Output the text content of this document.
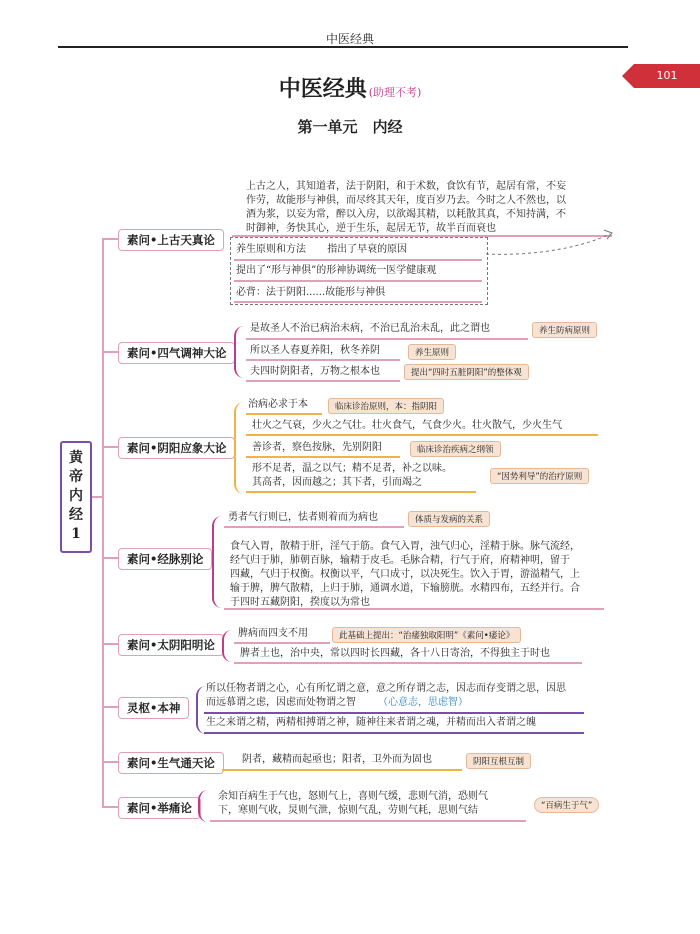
中医经典
101
中医经典 (助理不考)
第一单元　内经
黄
帝
内
经
1
素问•上古天真论
上古之人，其知道者，法于阴阳，和于术数，食饮有节，起居有常，不妄
作劳，故能形与神俱，而尽终其天年，度百岁乃去。今时之人不然也，以
酒为浆，以妄为常，醉以入房，以欲竭其精，以耗散其真，不知持满，不
时御神，务快其心，逆于生乐，起居无节，故半百而衰也
养生原则和方法 指出了早衰的原因
提出了“形与神俱”的形神协调统一医学健康观
必背：法于阴阳......故能形与神俱
素问•四气调神大论
是故圣人不治已病治未病，不治已乱治未乱，此之谓也	养生防病原则
所以圣人春夏养阳，秋冬养阴	养生原则
夫四时阴阳者，万物之根本也	提出“四时五脏阴阳”的整体观
素问•阴阳应象大论
治病必求于本	临床诊治原则，本：指阴阳
壮火之气衰，少火之气壮。壮火食气，气食少火。壮火散气，少火生气
善诊者，察色按脉，先别阴阳	临床诊治疾病之纲领
形不足者，温之以气；精不足者，补之以味。
其高者，因而越之；其下者，引而竭之	“因势利导”的治疗原则
素问•经脉别论
勇者气行则已，怯者则着而为病也	体质与发病的关系
食气入胃，散精于肝，淫气于筋。食气入胃，浊气归心，淫精于脉。脉气流经，
经气归于肺，肺朝百脉，输精于皮毛。毛脉合精，行气于府，府精神明，留于
四藏，气归于权衡。权衡以平，气口成寸，以决死生。饮入于胃，游溢精气，上
输于脾，脾气散精，上归于肺，通调水道，下输膀胱。水精四布，五经并行。合
于四时五藏阴阳，揆度以为常也
素问•太阴阳明论
脾病而四支不用	此基础上提出：“治痿独取阳明”《素问•痿论》
脾者土也，治中央，常以四时长四藏，各十八日寄治，不得独主于时也
灵枢•本神
所以任物者谓之心，心有所忆谓之意，意之所存谓之志，因志而存变谓之思，因思
而远慕谓之虑，因虑而处物谓之智 （心意志，思虑智）
生之来谓之精，两精相搏谓之神，随神往来者谓之魂，并精而出入者谓之魄
素问•生气通天论	阴者，藏精而起亟也；阳者，卫外而为固也	阴阳互根互制
素问•举痛论
余知百病生于气也，怒则气上，喜则气缓，悲则气消，恐则气
下，寒则气收，炅则气泄，惊则气乱，劳则气耗，思则气结	“百病生于气”
